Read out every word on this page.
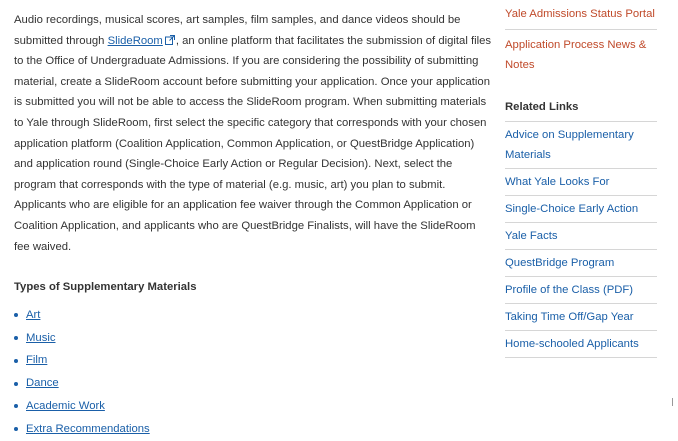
Audio recordings, musical scores, art samples, film samples, and dance videos should be submitted through SlideRoom , an online platform that facilitates the submission of digital files to the Office of Undergraduate Admissions. If you are considering the possibility of submitting material, create a SlideRoom account before submitting your application. Once your application is submitted you will not be able to access the SlideRoom program. When submitting materials to Yale through SlideRoom, first select the specific category that corresponds with your chosen application platform (Coalition Application, Common Application, or QuestBridge Application) and application round (Single-Choice Early Action or Regular Decision). Next, select the program that corresponds with the type of material (e.g. music, art) you plan to submit. Applicants who are eligible for an application fee waiver through the Common Application or Coalition Application, and applicants who are QuestBridge Finalists, will have the SlideRoom fee waived.

Types of Supplementary Materials
Art
Music
Film
Dance
Academic Work
Extra Recommendations
Yale Admissions Status Portal
Application Process News & Notes
Related Links
Advice on Supplementary Materials
What Yale Looks For
Single-Choice Early Action
Yale Facts
QuestBridge Program
Profile of the Class (PDF)
Taking Time Off/Gap Year
Home-schooled Applicants
